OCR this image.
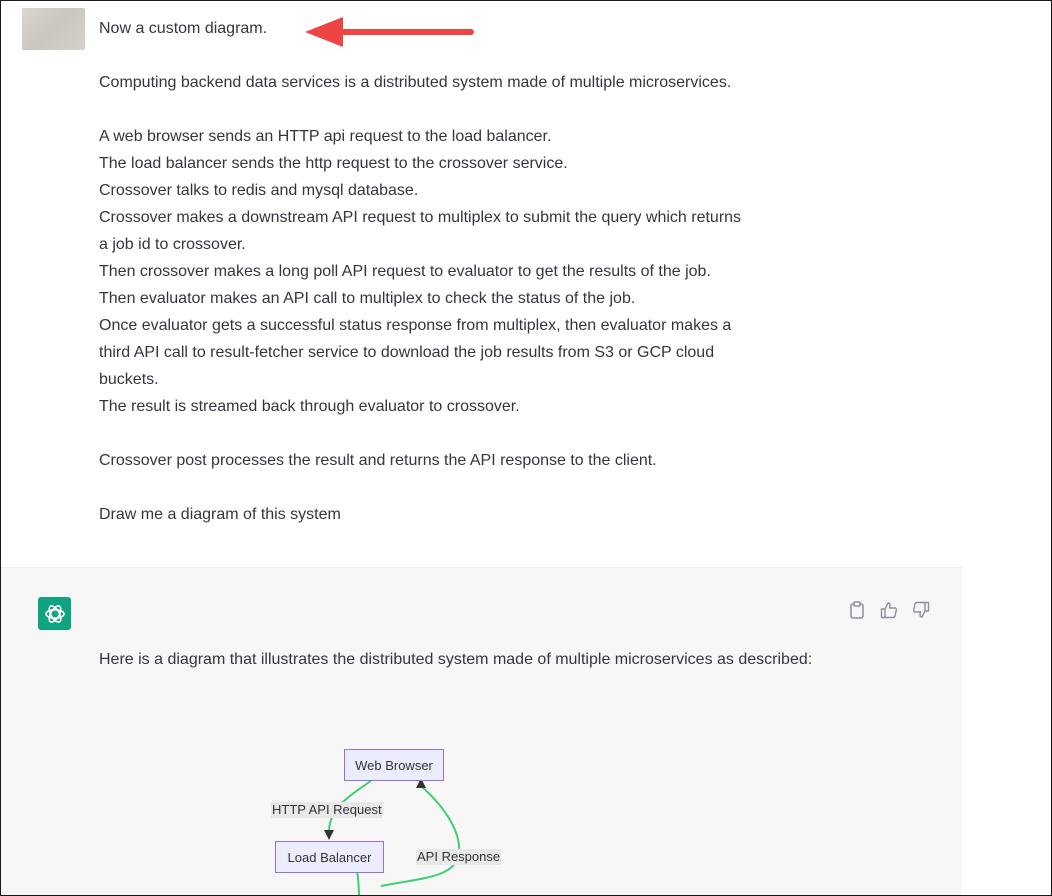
Now a custom diagram.

Computing backend data services is a distributed system made of multiple microservices.

A web browser sends an HTTP api request to the load balancer.

The load balancer sends the http request to the crossover service.

Crossover talks to redis and mysql database.

Crossover makes a downstream API request to multiplex to submit the query which returns

a job id to crossover.

Then crossover makes a long poll API request to evaluator to get the results of the job.

Then evaluator makes an API call to multiplex to check the status of the job.

Once evaluator gets a successful status response from multiplex, then evaluator makes a

third API call to result-fetcher service to download the job results from S3 or GCP cloud

buckets.

The result is streamed back through evaluator to crossover.

Crossover post processes the result and returns the API response to the client.

Draw me a diagram of this system

Here is a diagram that illustrates the distributed system made of multiple microservices as described:

Web Browser
Load Balancer
HTTP API Request
API Response
